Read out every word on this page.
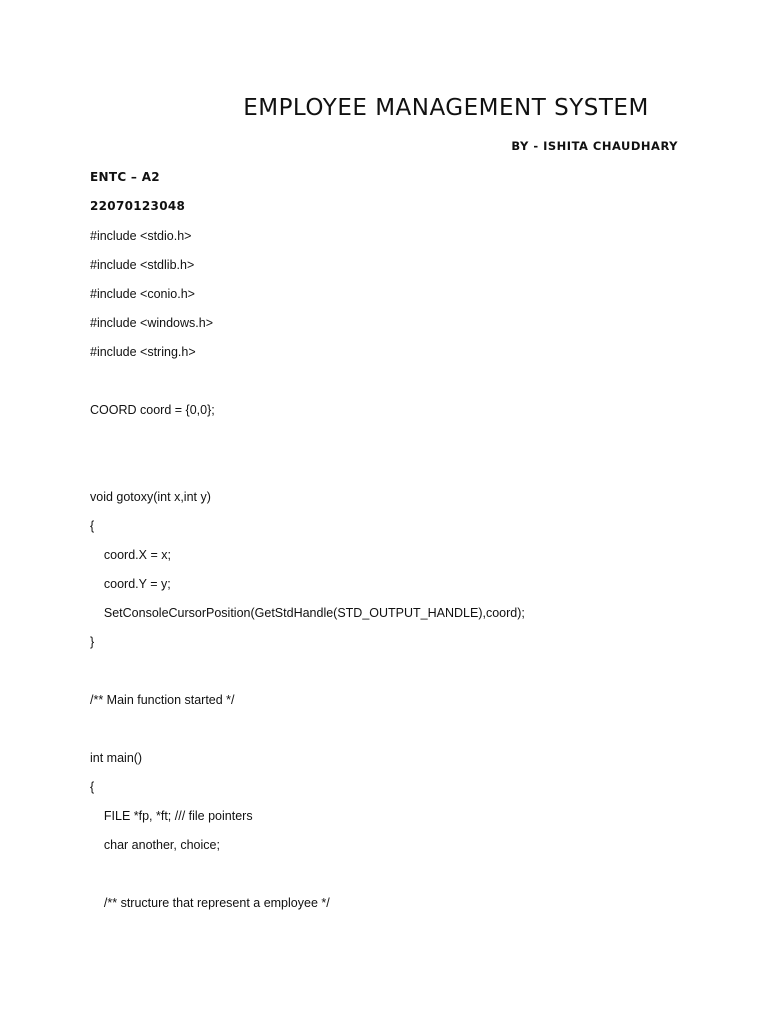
EMPLOYEE MANAGEMENT SYSTEM
BY - ISHITA CHAUDHARY
ENTC – A2
22070123048
#include <stdio.h>
#include <stdlib.h>
#include <conio.h>
#include <windows.h>
#include <string.h>
COORD coord = {0,0};
void gotoxy(int x,int y)
{
coord.X = x;
coord.Y = y;
SetConsoleCursorPosition(GetStdHandle(STD_OUTPUT_HANDLE),coord);
}
/** Main function started */
int main()
{
FILE *fp, *ft; /// file pointers
char another, choice;
/** structure that represent a employee */
